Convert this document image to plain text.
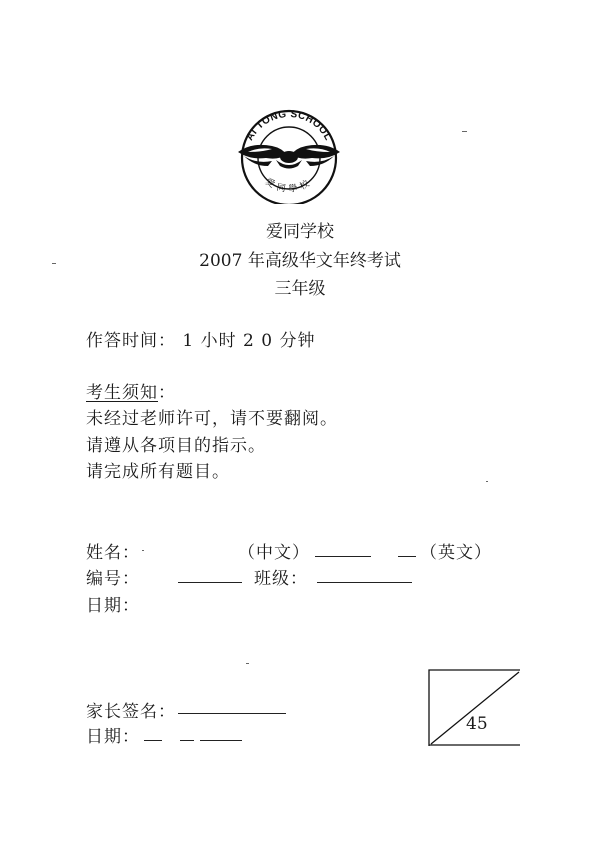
AI TONG SCHOOL
愛同學校
爱同学校
2007 年高级华文年终考试
三年级
作答时间： 1 小时 2 0 分钟
考生须知：
未经过老师许可，请不要翻阅。
请遵从各项目的指示。
请完成所有题目。
姓名：	（中文）	（英文）
编号：	班级：
日期：
家长签名：
日期：
45
